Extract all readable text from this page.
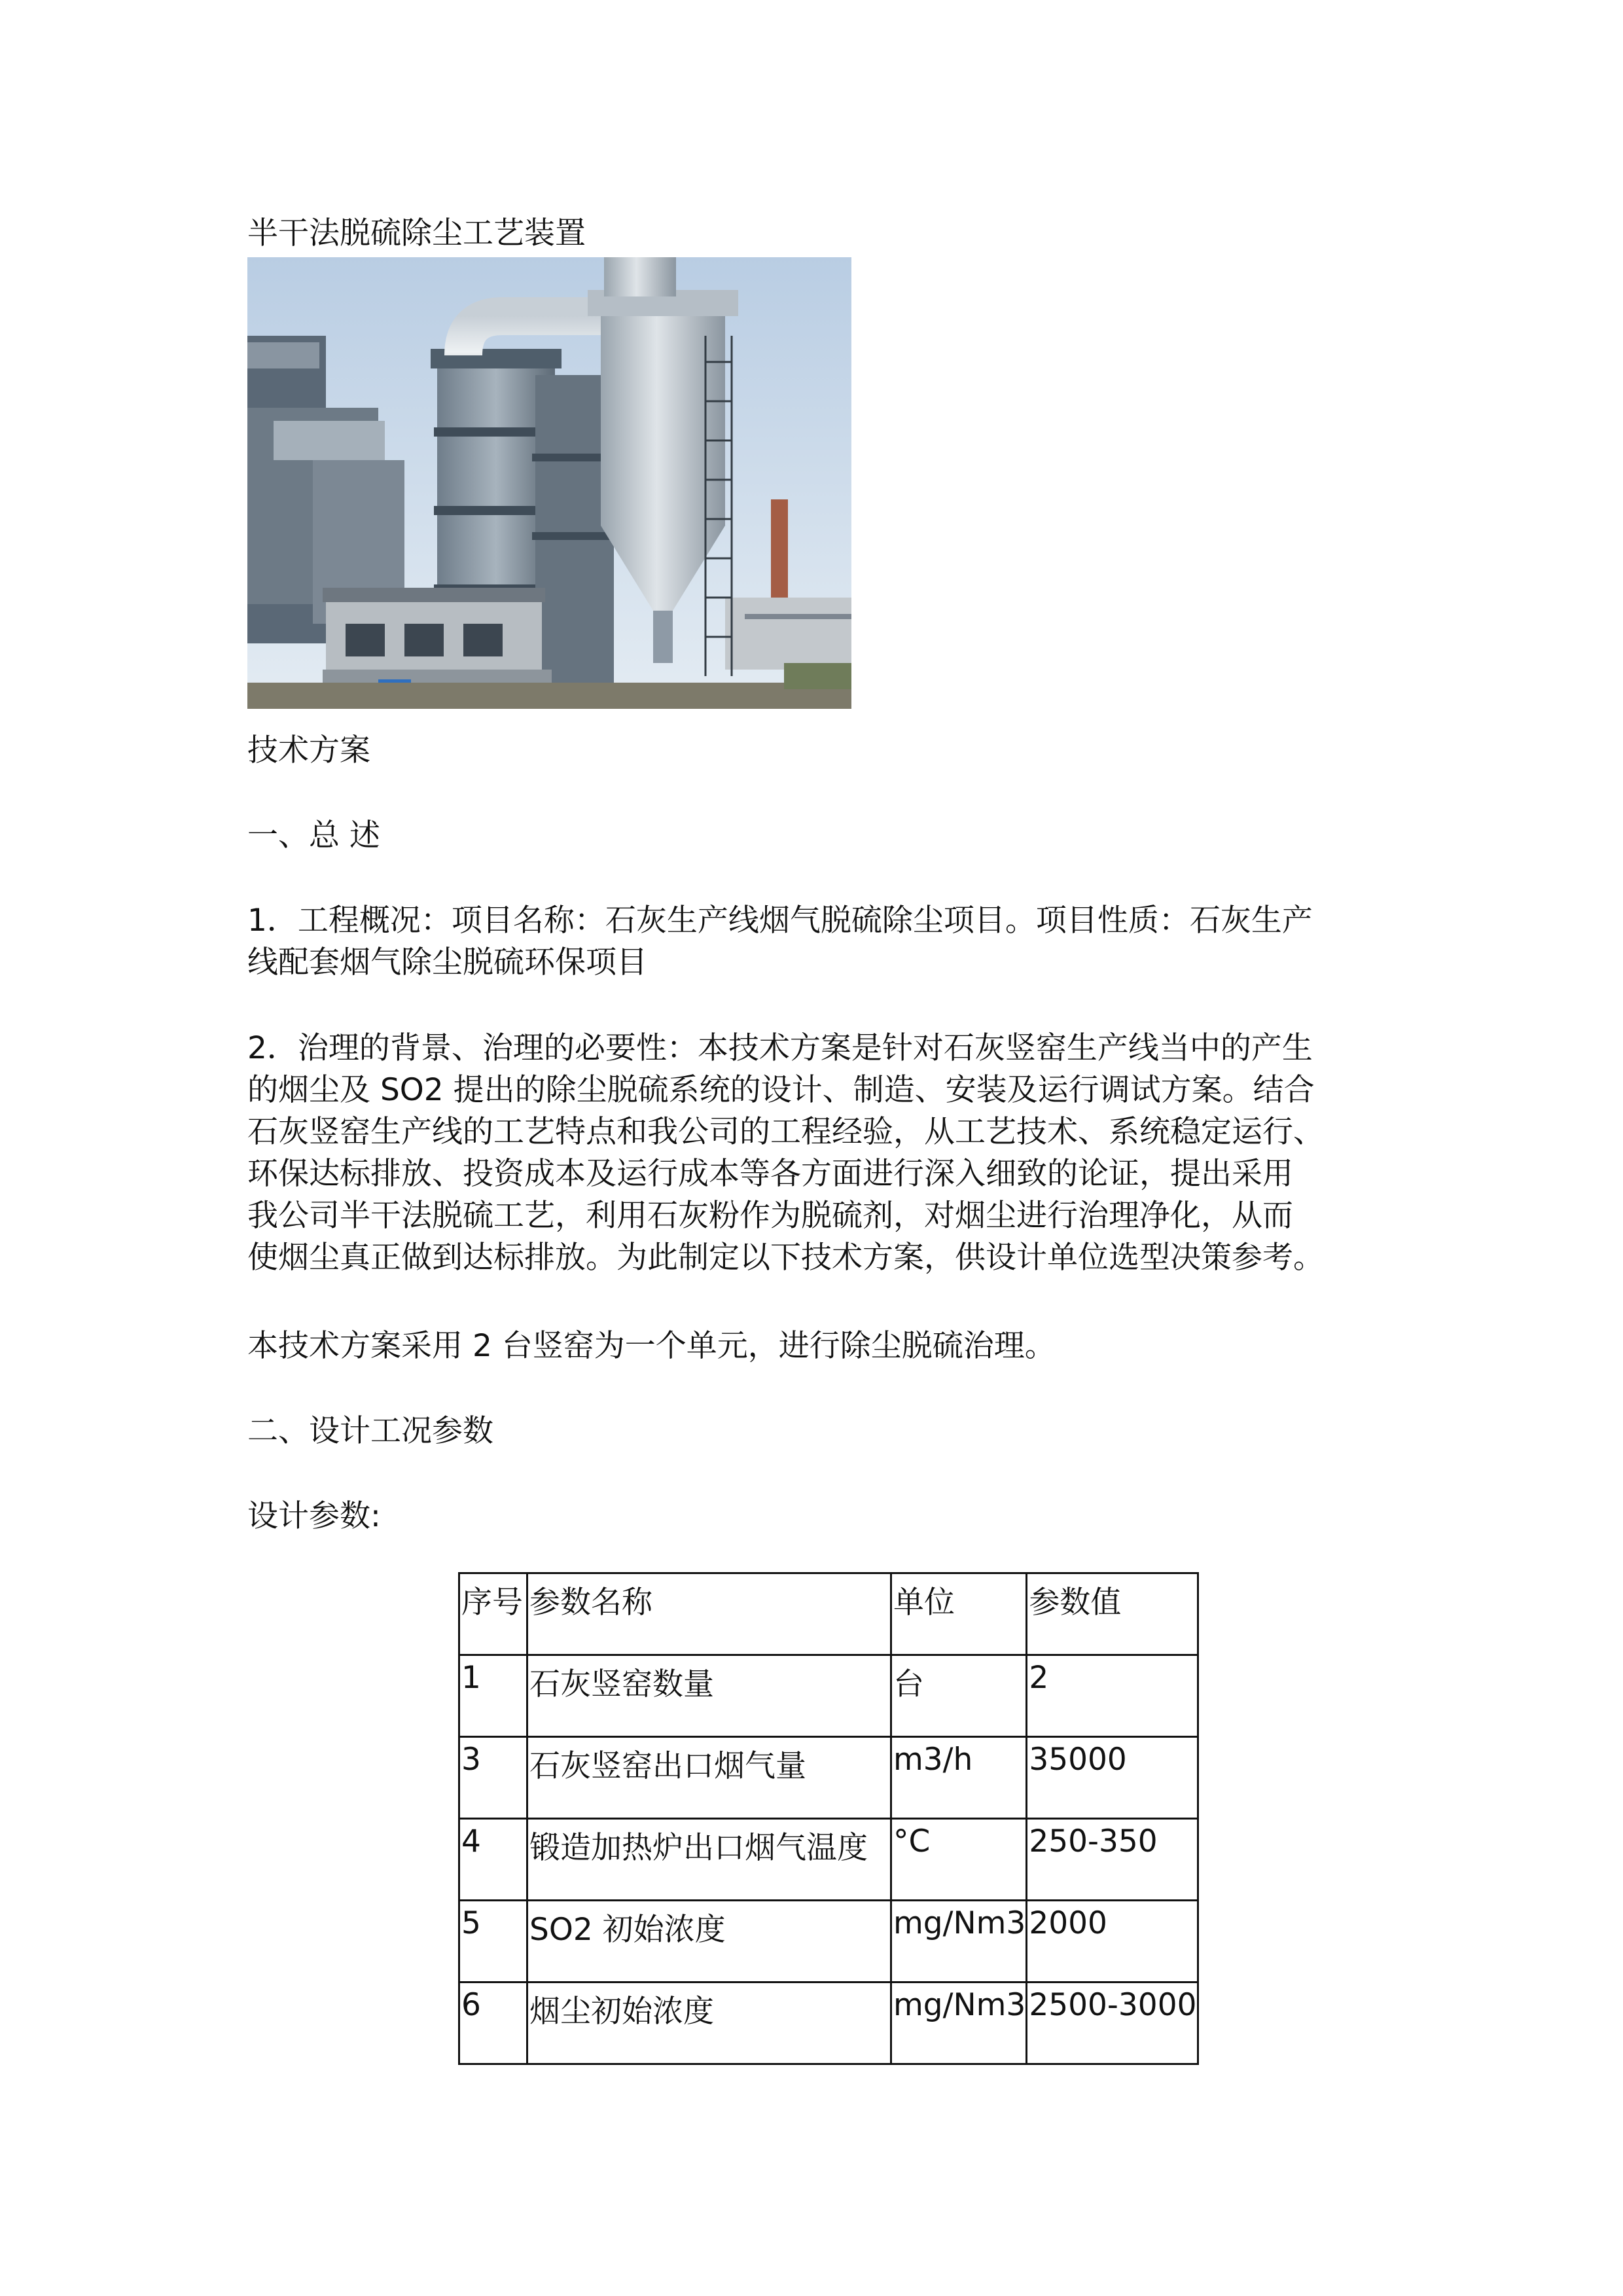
半干法脱硫除尘工艺装置

技术方案

一、总 述

1．工程概况：项目名称：石灰生产线烟气脱硫除尘项目。项目性质：石灰生产
线配套烟气除尘脱硫环保项目
2．治理的背景、治理的必要性：本技术方案是针对石灰竖窑生产线当中的产生
的烟尘及 SO2 提出的除尘脱硫系统的设计、制造、安装及运行调试方案。结合
石灰竖窑生产线的工艺特点和我公司的工程经验，从工艺技术、系统稳定运行、
环保达标排放、投资成本及运行成本等各方面进行深入细致的论证，提出采用
我公司半干法脱硫工艺，利用石灰粉作为脱硫剂，对烟尘进行治理净化，从而
使烟尘真正做到达标排放。为此制定以下技术方案，供设计单位选型决策参考。

本技术方案采用 2 台竖窑为一个单元，进行除尘脱硫治理。

二、设计工况参数

设计参数:

序号	参数名称	单位	参数值
1	石灰竖窑数量	台	2
3	石灰竖窑出口烟气量	m3/h	35000
4	锻造加热炉出口烟气温度	°C	250-350
5	SO2 初始浓度	mg/Nm3	2000
6	烟尘初始浓度	mg/Nm3	2500-3000
